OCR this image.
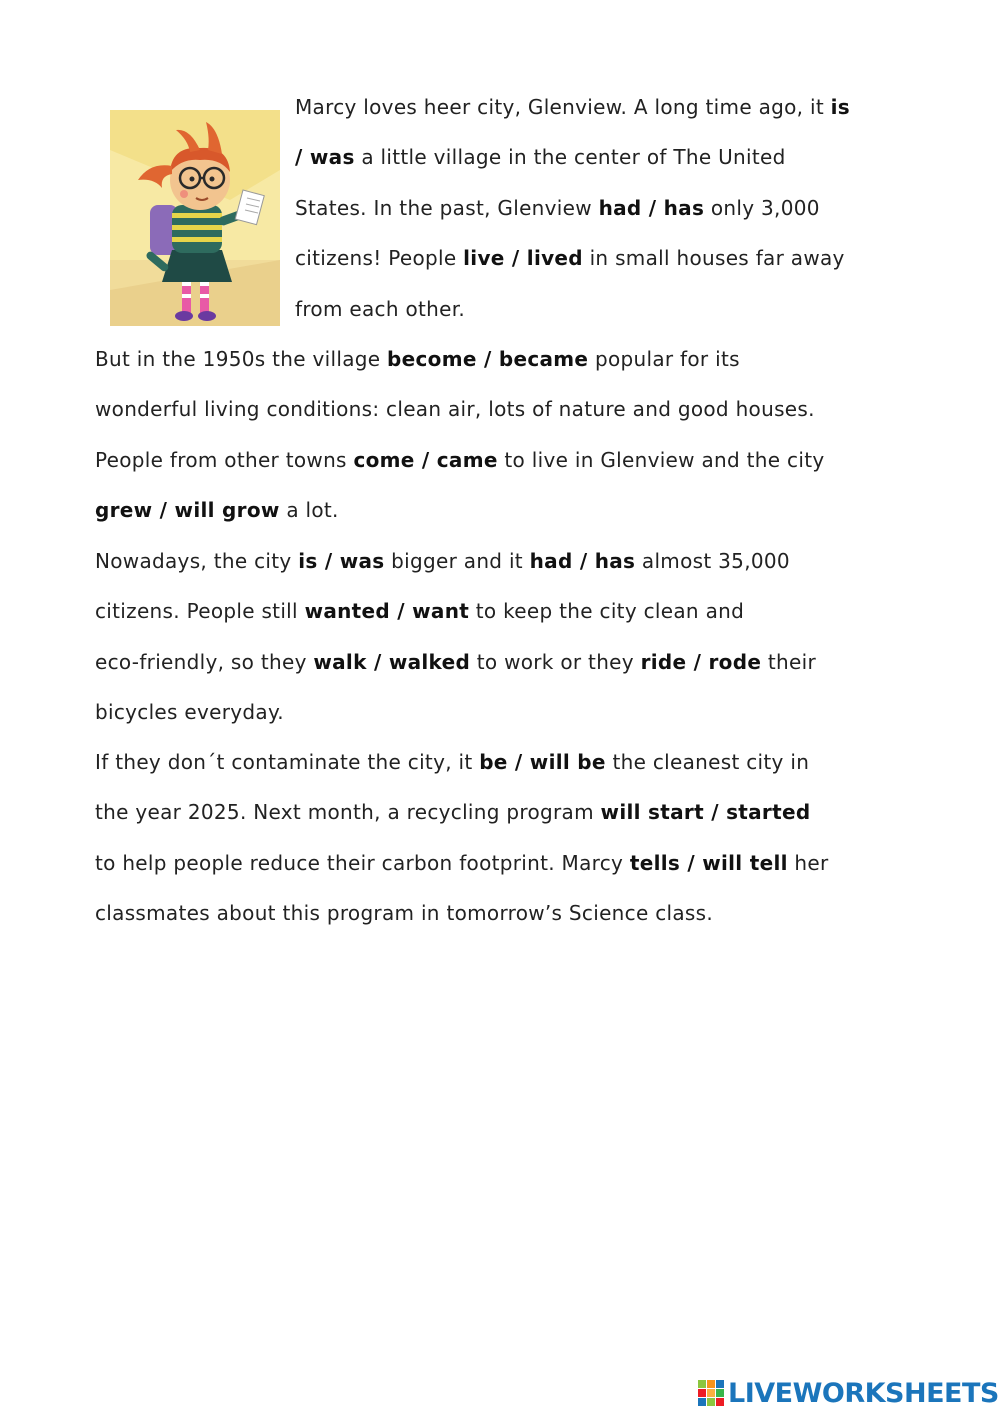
Marcy loves heer city, Glenview. A long time ago, it is
/ was a little village in the center of The United
States. In the past, Glenview had / has only 3,000
citizens! People live / lived in small houses far away
from each other.
But in the 1950s the village become / became popular for its
wonderful living conditions: clean air, lots of nature and good houses.
People from other towns come / came to live in Glenview and the city
grew / will grow a lot.
Nowadays, the city is / was bigger and it had / has almost 35,000
citizens. People still wanted / want to keep the city clean and
eco-friendly, so they walk / walked to work or they ride / rode their
bicycles everyday.
If they don´t contaminate the city, it be / will be the cleanest city in
the year 2025. Next month, a recycling program will start / started
to help people reduce their carbon footprint. Marcy tells / will tell her
classmates about this program in tomorrow’s Science class.
LIVEWORKSHEETS
